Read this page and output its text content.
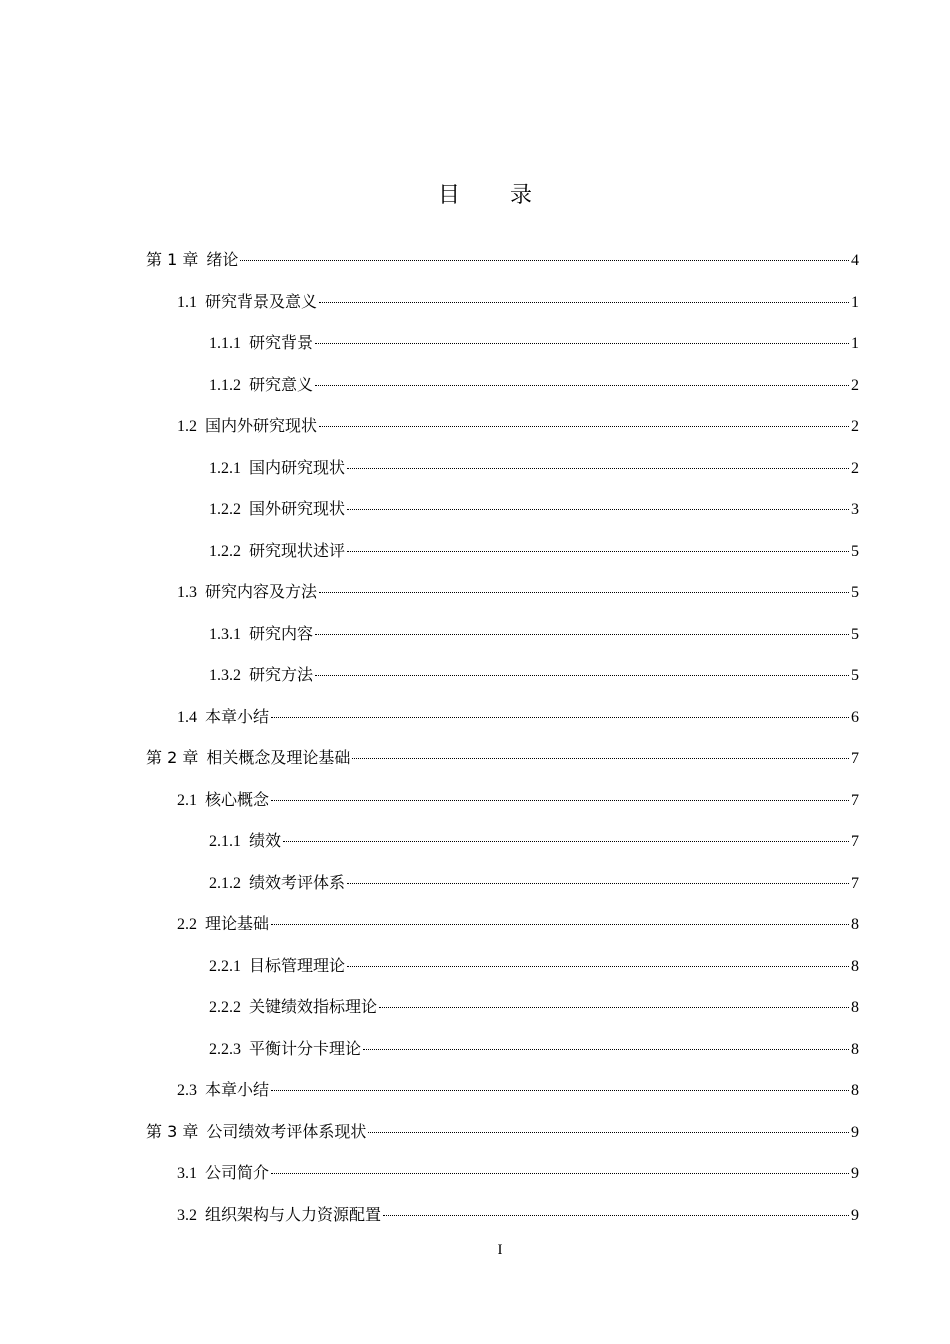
目 录
第 1 章 绪论	4
1.1 研究背景及意义	1
1.1.1 研究背景	1
1.1.2 研究意义	2
1.2 国内外研究现状	2
1.2.1 国内研究现状	2
1.2.2 国外研究现状	3
1.2.2 研究现状述评	5
1.3 研究内容及方法	5
1.3.1 研究内容	5
1.3.2 研究方法	5
1.4 本章小结	6
第 2 章 相关概念及理论基础	7
2.1 核心概念	7
2.1.1 绩效	7
2.1.2 绩效考评体系	7
2.2 理论基础	8
2.2.1 目标管理理论	8
2.2.2 关键绩效指标理论	8
2.2.3 平衡计分卡理论	8
2.3 本章小结	8
第 3 章 公司绩效考评体系现状	9
3.1 公司简介	9
3.2 组织架构与人力资源配置	9
I
